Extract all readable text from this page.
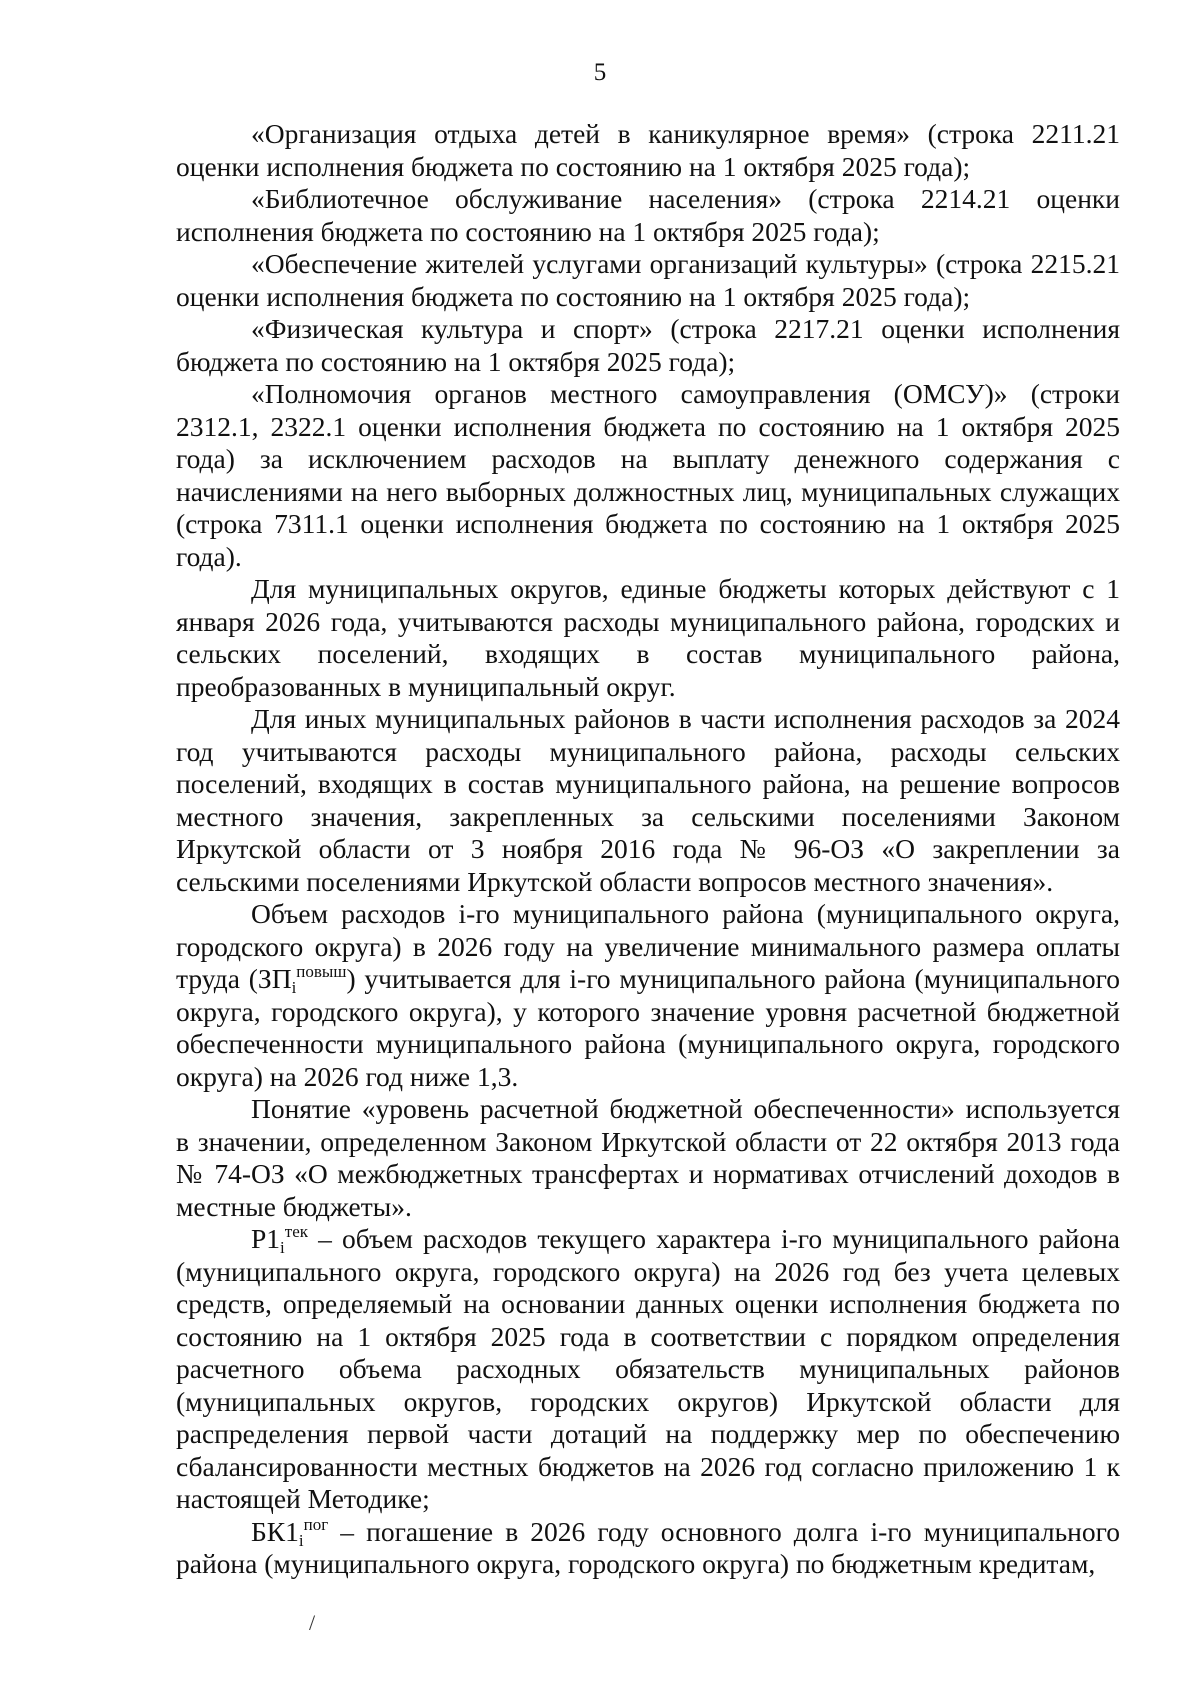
5

«Организация отдыха детей в каникулярное время» (строка 2211.21 оценки исполнения бюджета по состоянию на 1 октября 2025 года);

«Библиотечное обслуживание населения» (строка 2214.21 оценки исполнения бюджета по состоянию на 1 октября 2025 года);

«Обеспечение жителей услугами организаций культуры» (строка 2215.21 оценки исполнения бюджета по состоянию на 1 октября 2025 года);

«Физическая культура и спорт» (строка 2217.21 оценки исполнения бюджета по состоянию на 1 октября 2025 года);

«Полномочия органов местного самоуправления (ОМСУ)» (строки 2312.1, 2322.1 оценки исполнения бюджета по состоянию на 1 октября 2025 года) за исключением расходов на выплату денежного содержания с начислениями на него выборных должностных лиц, муниципальных служащих (строка 7311.1 оценки исполнения бюджета по состоянию на 1 октября 2025 года).

Для муниципальных округов, единые бюджеты которых действуют с 1 января 2026 года, учитываются расходы муниципального района, городских и сельских поселений, входящих в состав муниципального района, преобразованных в муниципальный округ.

Для иных муниципальных районов в части исполнения расходов за 2024 год учитываются расходы муниципального района, расходы сельских поселений, входящих в состав муниципального района, на решение вопросов местного значения, закрепленных за сельскими поселениями Законом Иркутской области от 3 ноября 2016 года № 96-ОЗ «О закреплении за сельскими поселениями Иркутской области вопросов местного значения».

Объем расходов i-го муниципального района (муниципального округа, городского округа) в 2026 году на увеличение минимального размера оплаты труда $(ЗП_i^{повыш})$ учитывается для i-го муниципального района (муниципального округа, городского округа), у которого значение уровня расчетной бюджетной обеспеченности муниципального района (муниципального округа, городского округа) на 2026 год ниже 1,3.

Понятие «уровень расчетной бюджетной обеспеченности» используется в значении, определенном Законом Иркутской области от 22 октября 2013 года № 74-ОЗ «О межбюджетных трансфертах и нормативах отчислений доходов в местные бюджеты».

$Р1_i^{тек}$ – объем расходов текущего характера i-го муниципального района (муниципального округа, городского округа) на 2026 год без учета целевых средств, определяемый на основании данных оценки исполнения бюджета по состоянию на 1 октября 2025 года в соответствии с порядком определения расчетного объема расходных обязательств муниципальных районов (муниципальных округов, городских округов) Иркутской области для распределения первой части дотаций на поддержку мер по обеспечению сбалансированности местных бюджетов на 2026 год согласно приложению 1 к настоящей Методике;

$БК1_i^{пог}$ – погашение в 2026 году основного долга i-го муниципального района (муниципального округа, городского округа) по бюджетным кредитам,

/
